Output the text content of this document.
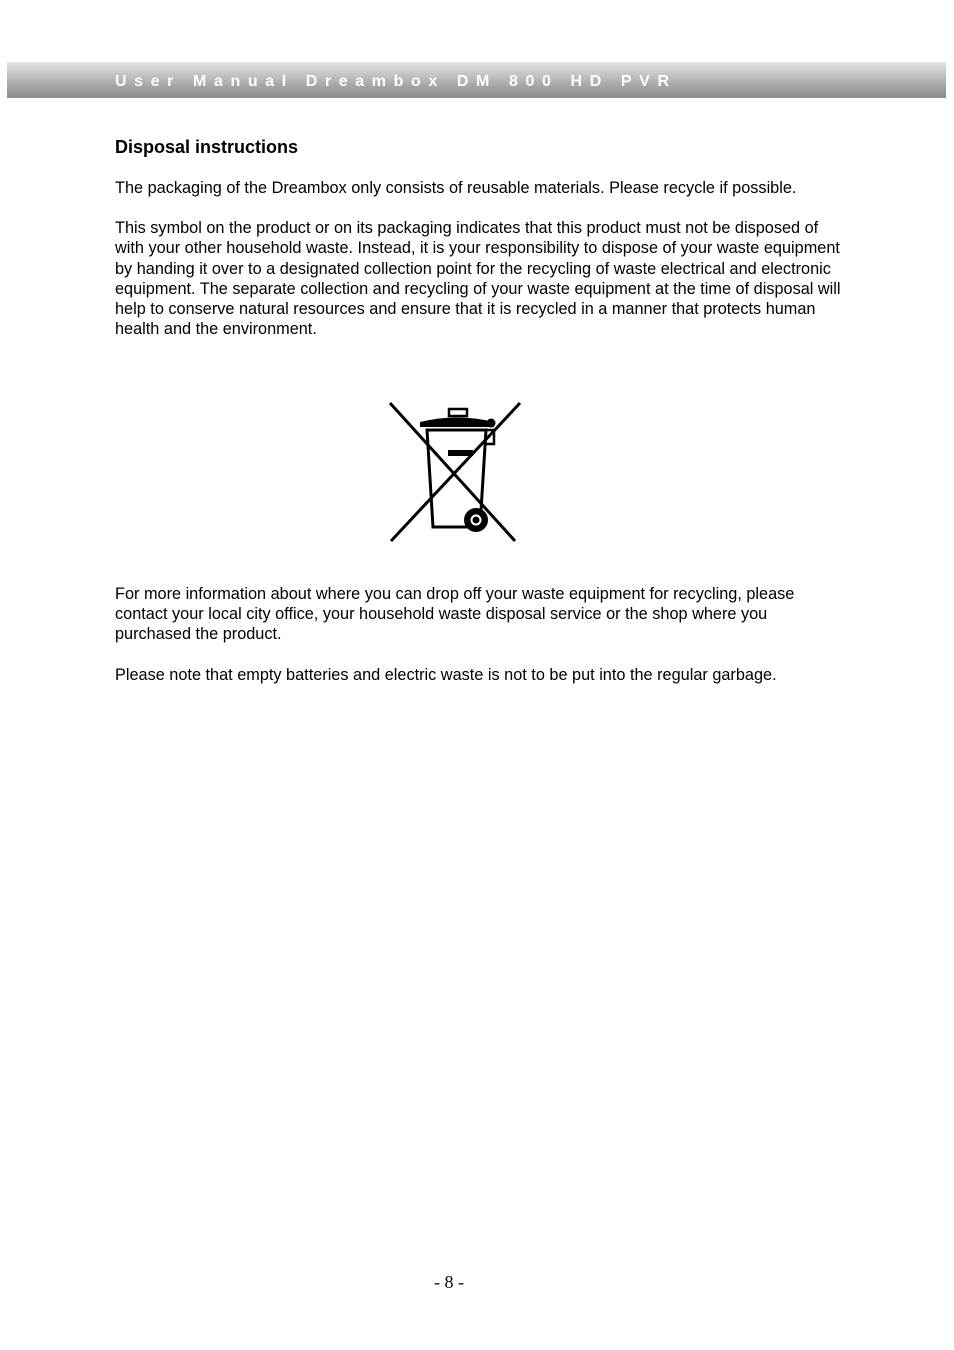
User Manual Dreambox DM 800 HD PVR
Disposal instructions

The packaging of the Dreambox only consists of reusable materials. Please recycle if possible.

This symbol on the product or on its packaging indicates that this product must not be disposed of with your other household waste. Instead, it is your responsibility to dispose of your waste equipment by handing it over to a designated collection point for the recycling of waste electrical and electronic equipment. The separate collection and recycling of your waste equipment at the time of disposal will help to conserve natural resources and ensure that it is recycled in a manner that protects human health and the environment.

For more information about where you can drop off your waste equipment for recycling, please contact your local city office, your household waste disposal service or the shop where you purchased the product.

Please note that empty batteries and electric waste is not to be put into the regular garbage.

- 8 -
